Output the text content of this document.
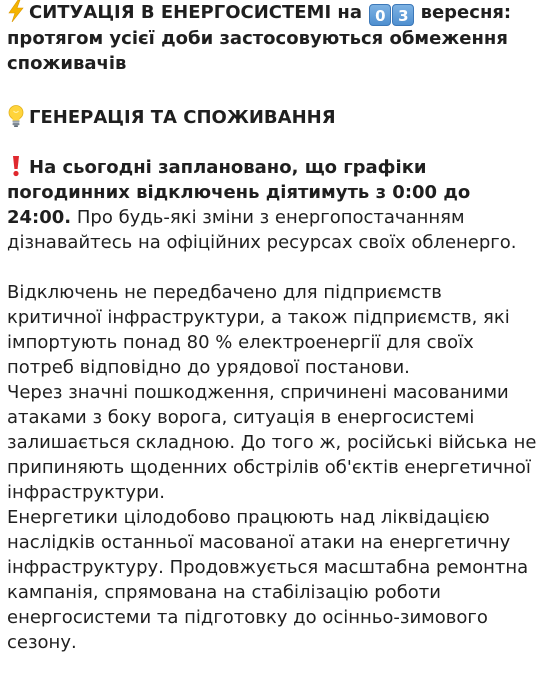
СИТУАЦІЯ В ЕНЕРГОСИСТЕМІ на 0 3 вересня:
протягом усієї доби застосовуються обмеження
споживачів

ГЕНЕРАЦІЯ ТА СПОЖИВАННЯ

На сьогодні заплановано, що графіки погодинних відключень діятимуть з 0:00 до 24:00. Про будь-які зміни з енергопостачанням дізнавайтесь на офіційних ресурсах своїх обленерго.

Відключень не передбачено для підприємств критичної інфраструктури, а також підприємств, які імпортують понад 80 % електроенергії для своїх потреб відповідно до урядової постанови.

Через значні пошкодження, спричинені масованими атаками з боку ворога, ситуація в енергосистемі залишається складною. До того ж, російські війська не припиняють щоденних обстрілів об'єктів енергетичної інфраструктури.

Енергетики цілодобово працюють над ліквідацією наслідків останньої масованої атаки на енергетичну інфраструктуру. Продовжується масштабна ремонтна кампанія, спрямована на стабілізацію роботи енергосистеми та підготовку до осінньо-зимового сезону.
